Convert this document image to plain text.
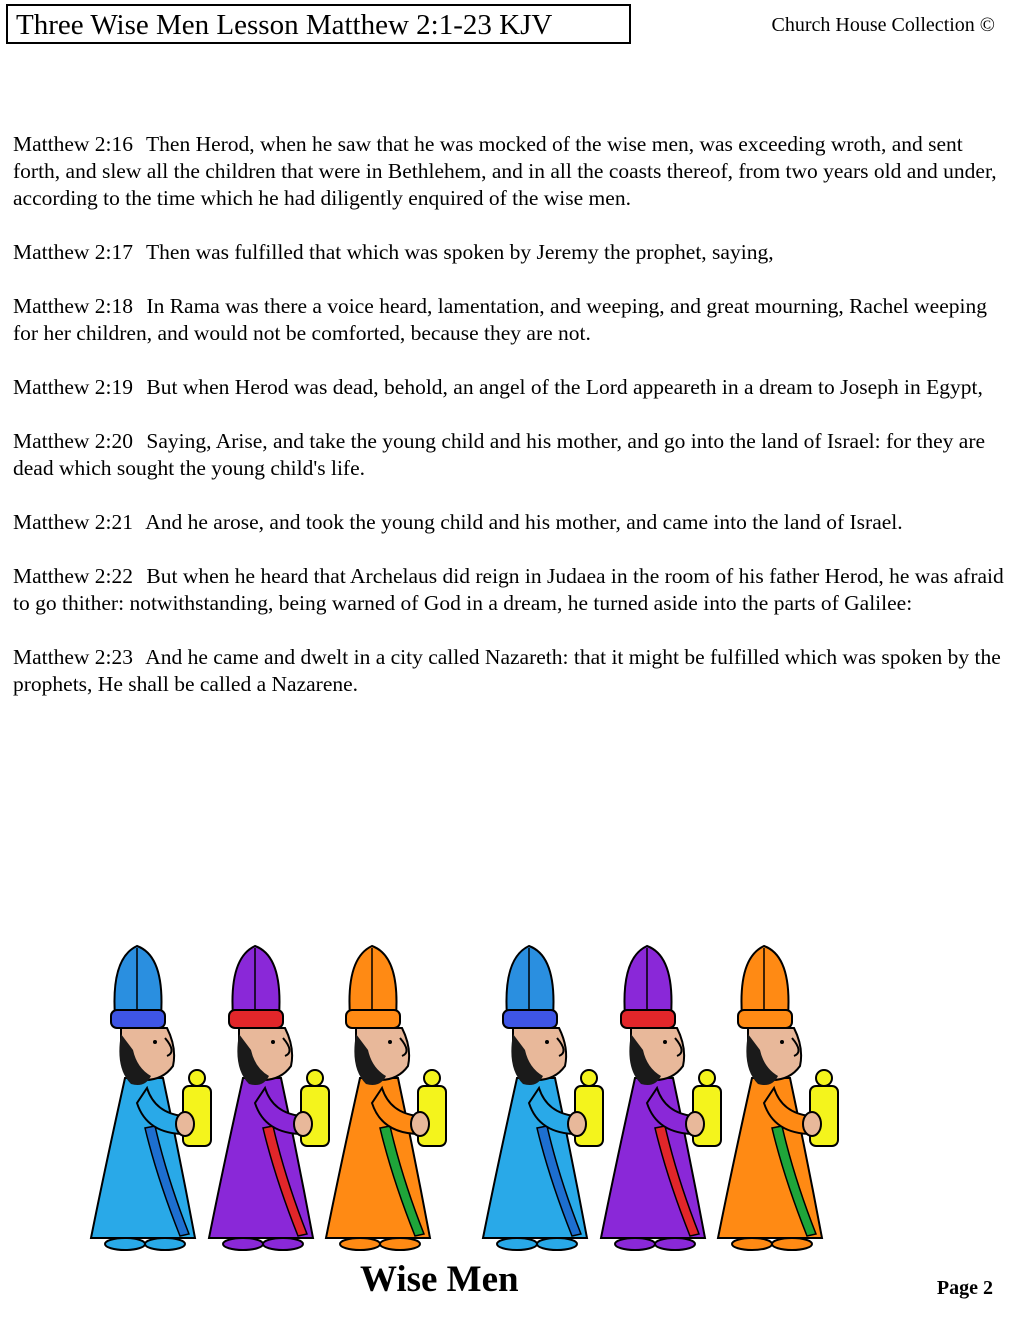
Three Wise Men Lesson Matthew 2:1-23 KJV	Church House Collection ©

Matthew 2:16 Then Herod, when he saw that he was mocked of the wise men, was exceeding wroth, and sent forth, and slew all the children that were in Bethlehem, and in all the coasts thereof, from two years old and under, according to the time which he had diligently enquired of the wise men.

Matthew 2:17 Then was fulfilled that which was spoken by Jeremy the prophet, saying,

Matthew 2:18 In Rama was there a voice heard, lamentation, and weeping, and great mourning, Rachel weeping for her children, and would not be comforted, because they are not.

Matthew 2:19 But when Herod was dead, behold, an angel of the Lord appeareth in a dream to Joseph in Egypt,

Matthew 2:20 Saying, Arise, and take the young child and his mother, and go into the land of Israel: for they are dead which sought the young child's life.

Matthew 2:21 And he arose, and took the young child and his mother, and came into the land of Israel.

Matthew 2:22 But when he heard that Archelaus did reign in Judaea in the room of his father Herod, he was afraid to go thither: notwithstanding, being warned of God in a dream, he turned aside into the parts of Galilee:

Matthew 2:23 And he came and dwelt in a city called Nazareth: that it might be fulfilled which was spoken by the prophets, He shall be called a Nazarene.

Wise Men	Page 2
